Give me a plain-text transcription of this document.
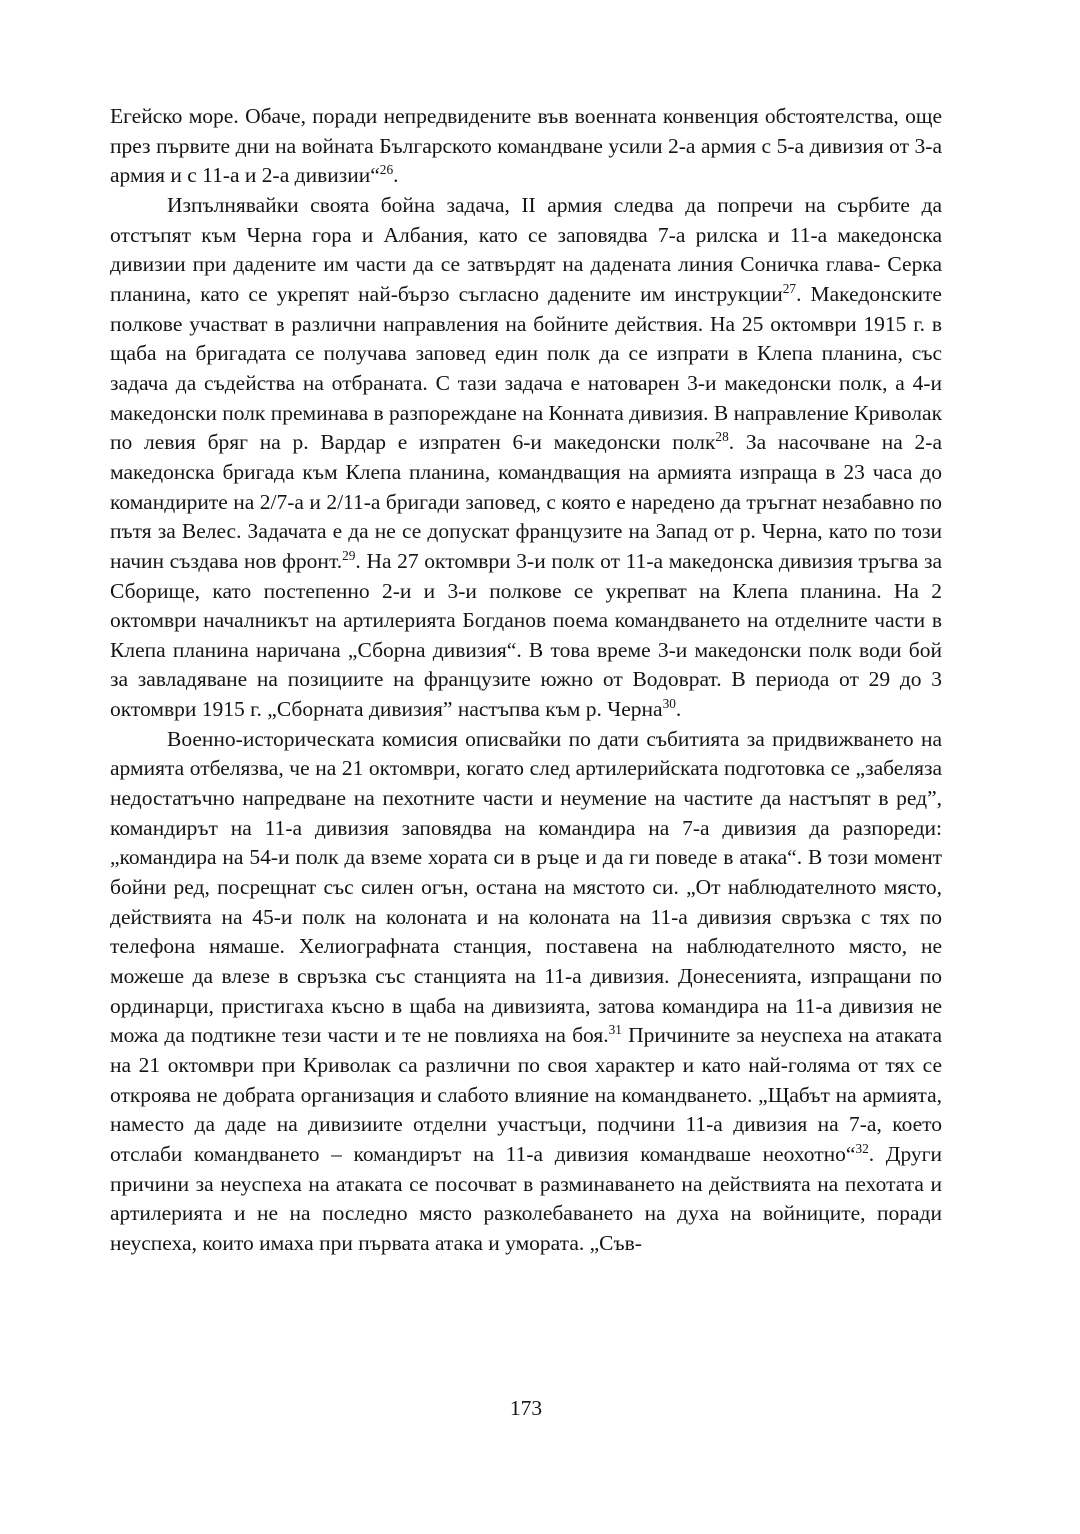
Егейско море. Обаче, поради непредвидените във военната конвенция обстоятелства, още през първите дни на войната Българското командване усили 2-а армия с 5-а дивизия от 3-а армия и с 11-а и 2-а дивизии“$^{26}$.

Изпълнявайки своята бойна задача, II армия следва да попречи на сърбите да отстъпят към Черна гора и Албания, като се заповядва 7-а рилска и 11-а македонска дивизии при дадените им части да се затвърдят на дадената линия Соничка глава- Серка планина, като се укрепят най-бързо съгласно дадените им инструкции$^{27}$. Македонските полкове участват в различни направления на бойните действия. На 25 октомври 1915 г. в щаба на бригадата се получава заповед един полк да се изпрати в Клепа планина, със задача да съдейства на отбраната. С тази задача е натоварен 3-и македонски полк, а 4-и македонски полк преминава в разпореждане на Конната дивизия. В направление Криволак по левия бряг на р. Вардар е изпратен 6-и македонски полк$^{28}$. За насочване на 2-а македонска бригада към Клепа планина, командващия на армията изпраща в 23 часа до командирите на 2/7-а и 2/11-а бригади заповед, с която е наредено да тръгнат незабавно по пътя за Велес. Задачата е да не се допускат французите на Запад от р. Черна, като по този начин създава нов фронт.$^{29}$. На 27 октомври 3-и полк от 11-а македонска дивизия тръгва за Сборище, като постепенно 2-и и 3-и полкове се укрепват на Клепа планина. На 2 октомври началникът на артилерията Богданов поема командването на отделните части в Клепа планина наричана „Сборна дивизия“. В това време 3-и македонски полк води бой за завладяване на позициите на французите южно от Водоврат. В периода от 29 до 3 октомври 1915 г. „Сборната дивизия” настъпва към р. Черна$^{30}$.

Военно-историческата комисия описвайки по дати събитията за придвижването на армията отбелязва, че на 21 октомври, когато след артилерийската подготовка се „забеляза недостатъчно напредване на пехотните части и неумение на частите да настъпят в ред”, командирът на 11-а дивизия заповядва на командира на 7-а дивизия да разпореди: „командира на 54-и полк да вземе хората си в ръце и да ги поведе в атака“. В този момент бойни ред, посрещнат със силен огън, остана на мястото си. „От наблюдателното място, действията на 45-и полк на колоната и на колоната на 11-а дивизия свръзка с тях по телефона нямаше. Хелиографната станция, поставена на наблюдателното място, не можеше да влезе в свръзка със станцията на 11-а дивизия. Донесенията, изпращани по ординарци, пристигаха късно в щаба на дивизията, затова командира на 11-а дивизия не можа да подтикне тези части и те не повлияха на боя.$^{31}$ Причините за неуспеха на атаката на 21 октомври при Криволак са различни по своя характер и като най-голяма от тях се откроява не добрата организация и слабото влияние на командването. „Щабът на армията, наместо да даде на дивизиите отделни участъци, подчини 11-а дивизия на 7-а, което отслаби командването – командирът на 11-а дивизия командваше неохотно“$^{32}$. Други причини за неуспеха на атаката се посочват в разминаването на действията на пехотата и артилерията и не на последно място разколебаването на духа на войниците, поради неуспеха, които имаха при първата атака и умората. „Съв-

173
